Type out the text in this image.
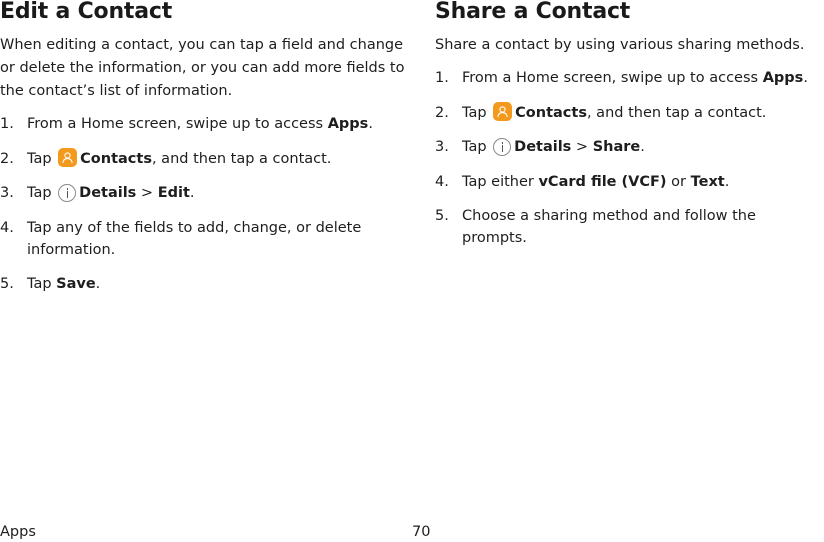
Edit a Contact

When editing a contact, you can tap a field and change or delete the information, or you can add more fields to the contact’s list of information.

1. From a Home screen, swipe up to access Apps.
2. Tap
Contacts, and then tap a contact.
3. Tap Details > Edit.
4. Tap any of the fields to add, change, or delete information.
5. Tap Save.
Share a Contact

Share a contact by using various sharing methods.

1. From a Home screen, swipe up to access Apps.
2. Tap
Contacts, and then tap a contact.
3. Tap Details > Share.
4. Tap either vCard file (VCF) or Text.
5. Choose a sharing method and follow the prompts.
Apps	70
